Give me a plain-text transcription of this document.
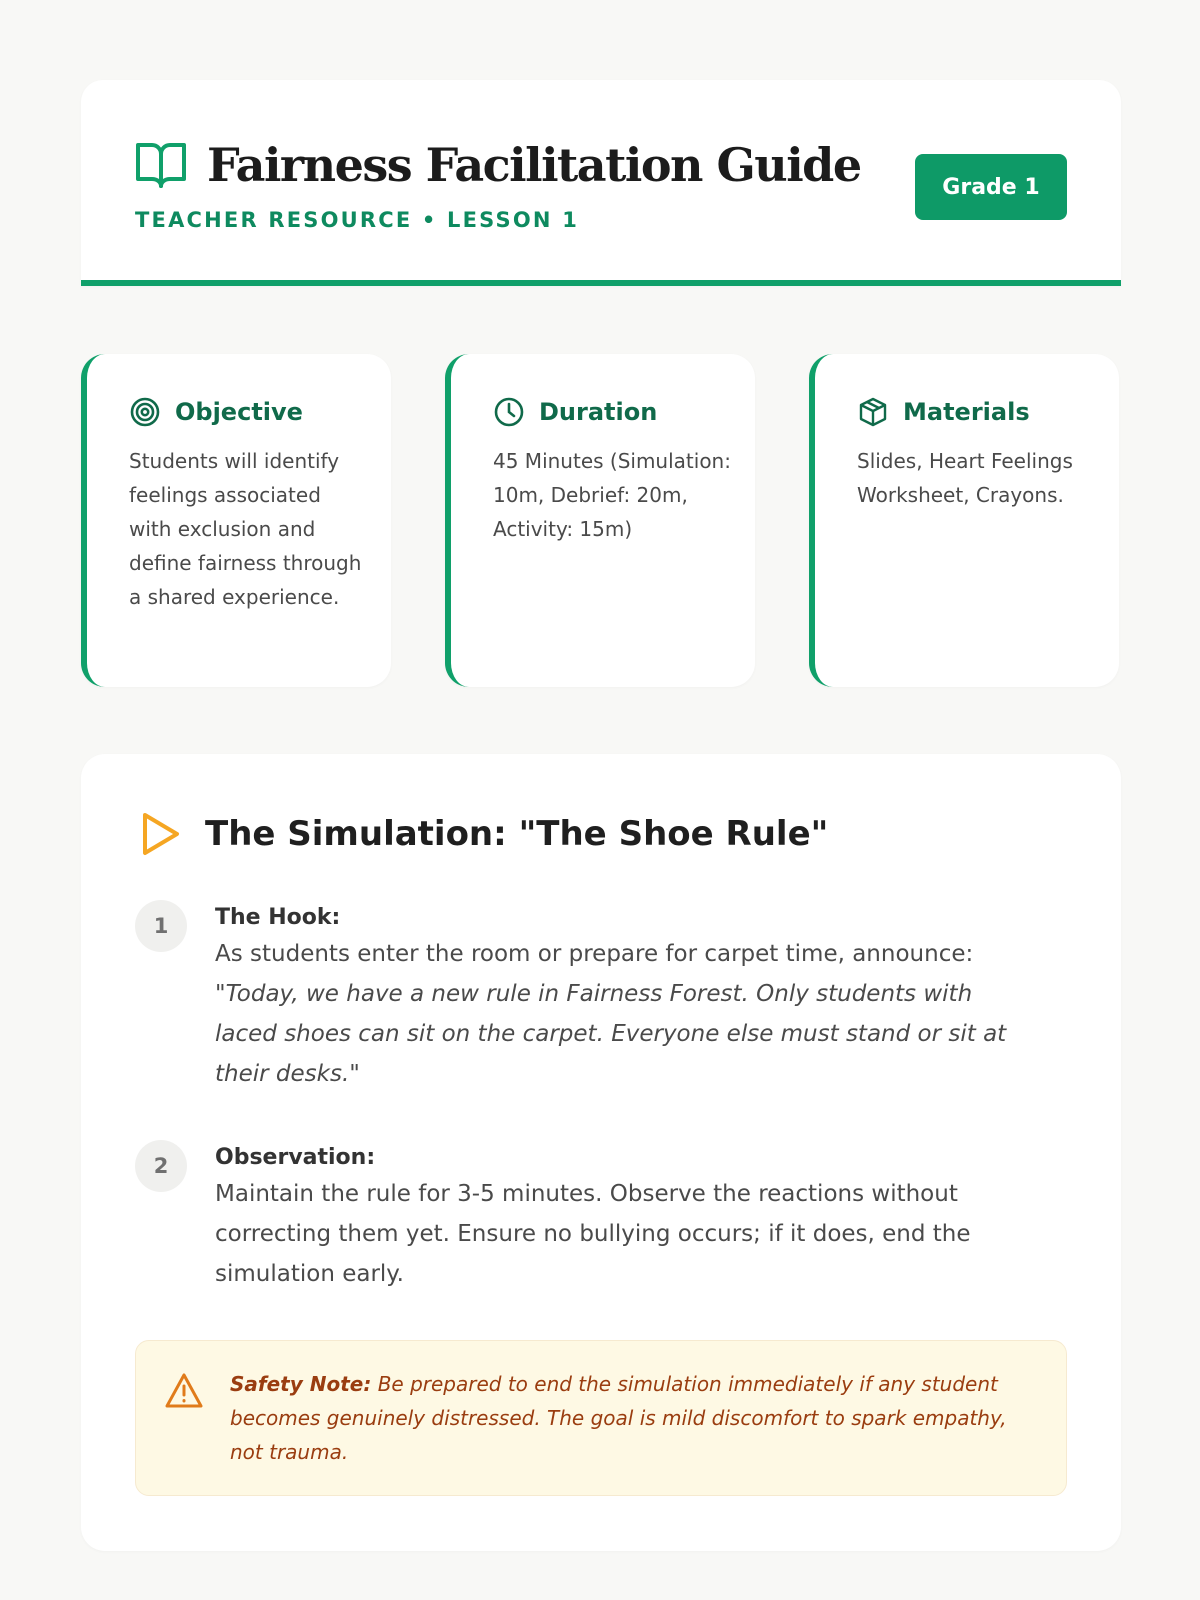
Fairness Facilitation Guide
TEACHER RESOURCE • LESSON 1
Grade 1
Objective
Students will identify feelings associated with exclusion and define fairness through a shared experience.
Duration
45 Minutes (Simulation: 10m, Debrief: 20m, Activity: 15m)
Materials
Slides, Heart Feelings Worksheet, Crayons.
The Simulation: "The Shoe Rule"
1	The Hook:
As students enter the room or prepare for carpet time, announce: "Today, we have a new rule in Fairness Forest. Only students with laced shoes can sit on the carpet. Everyone else must stand or sit at their desks."
2	Observation:
Maintain the rule for 3-5 minutes. Observe the reactions without correcting them yet. Ensure no bullying occurs; if it does, end the simulation early.
Safety Note: Be prepared to end the simulation immediately if any student becomes genuinely distressed. The goal is mild discomfort to spark empathy, not trauma.
